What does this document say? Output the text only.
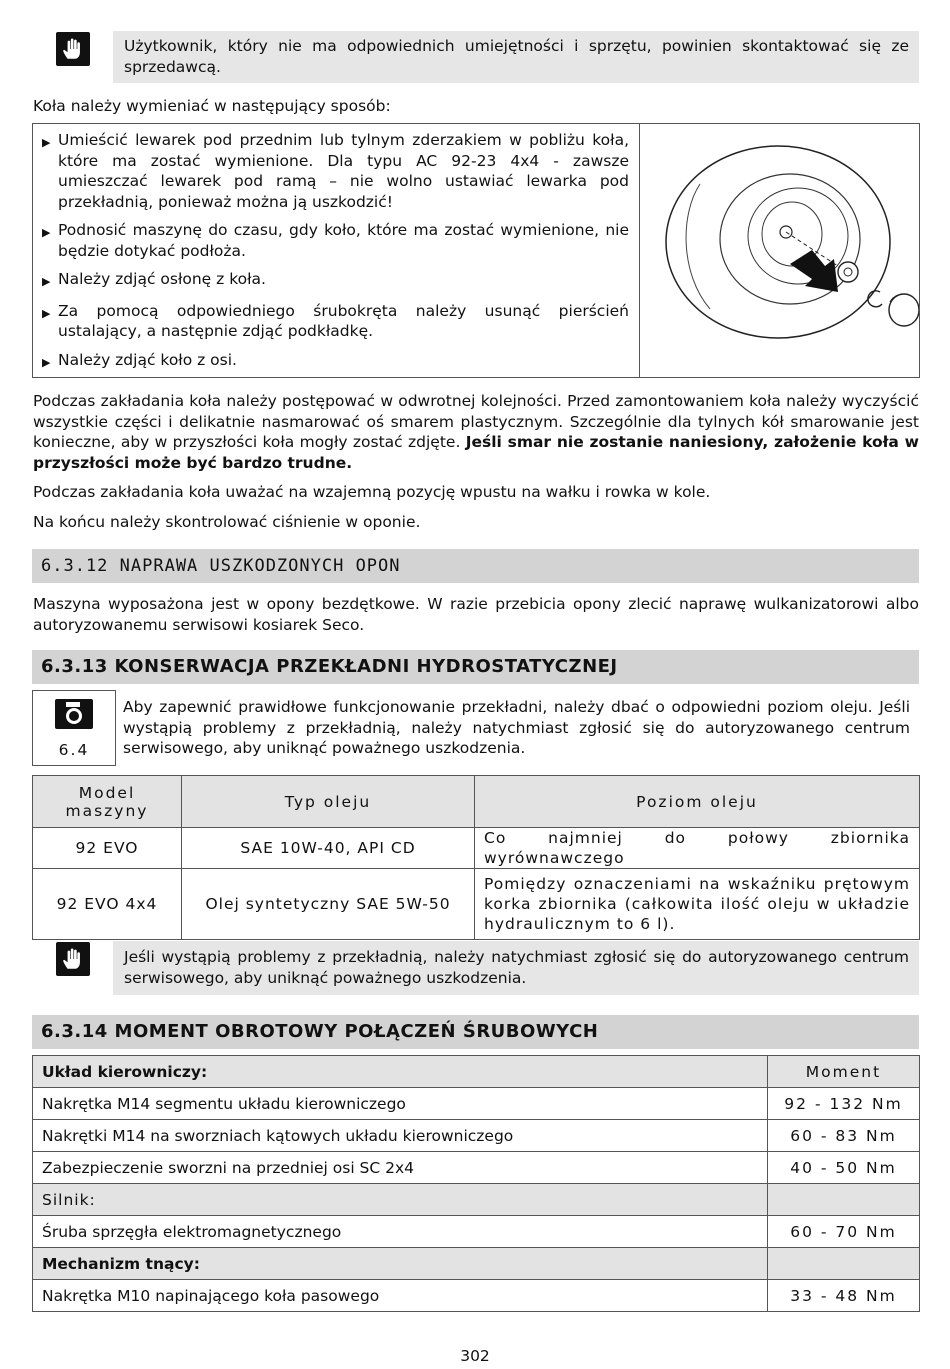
Użytkownik, który nie ma odpowiednich umiejętności i sprzętu, powinien skontaktować się ze sprzedawcą.

Koła należy wymieniać w następujący sposób:

▶ Umieścić lewarek pod przednim lub tylnym zderzakiem w pobliżu koła, które ma zostać wymienione. Dla typu AC 92-23 4x4 - zawsze umieszczać lewarek pod ramą – nie wolno ustawiać lewarka pod przekładnią, ponieważ można ją uszkodzić!
▶ Podnosić maszynę do czasu, gdy koło, które ma zostać wymienione, nie będzie dotykać podłoża.
▶ Należy zdjąć osłonę z koła.
▶ Za pomocą odpowiedniego śrubokręta należy usunąć pierścień ustalający, a następnie zdjąć podkładkę.
▶ Należy zdjąć koło z osi.

Podczas zakładania koła należy postępować w odwrotnej kolejności. Przed zamontowaniem koła należy wyczyścić wszystkie części i delikatnie nasmarować oś smarem plastycznym. Szczególnie dla tylnych kół smarowanie jest konieczne, aby w przyszłości koła mogły zostać zdjęte. Jeśli smar nie zostanie naniesiony, założenie koła w przyszłości może być bardzo trudne.

Podczas zakładania koła uważać na wzajemną pozycję wpustu na wałku i rowka w kole.

Na końcu należy skontrolować ciśnienie w oponie.

6.3.12 NAPRAWA USZKODZONYCH OPON

Maszyna wyposażona jest w opony bezdętkowe. W razie przebicia opony zlecić naprawę wulkanizatorowi albo autoryzowanemu serwisowi kosiarek Seco.

6.3.13 KONSERWACJA PRZEKŁADNI HYDROSTATYCZNEJ
6.4

Aby zapewnić prawidłowe funkcjonowanie przekładni, należy dbać o odpowiedni poziom oleju. Jeśli wystąpią problemy z przekładnią, należy natychmiast zgłosić się do autoryzowanego centrum serwisowego, aby uniknąć poważnego uszkodzenia.

Model maszyny	Typ oleju	Poziom oleju
92 EVO	SAE 10W-40, API CD	Co najmniej do połowy zbiornika wyrównawczego
92 EVO 4x4	Olej syntetyczny SAE 5W-50	Pomiędzy oznaczeniami na wskaźniku prętowym korka zbiornika (całkowita ilość oleju w układzie hydraulicznym to 6 l).

Jeśli wystąpią problemy z przekładnią, należy natychmiast zgłosić się do autoryzowanego centrum serwisowego, aby uniknąć poważnego uszkodzenia.

6.3.14 MOMENT OBROTOWY POŁĄCZEŃ ŚRUBOWYCH
Układ kierowniczy:	Moment
Nakrętka M14 segmentu układu kierowniczego	92 - 132 Nm
Nakrętki M14 na sworzniach kątowych układu kierowniczego	60 - 83 Nm
Zabezpieczenie sworzni na przedniej osi SC 2x4	40 - 50 Nm
Silnik:	
Śruba sprzęgła elektromagnetycznego	60 - 70 Nm
Mechanizm tnący:	
Nakrętka M10 napinającego koła pasowego	33 - 48 Nm
302
